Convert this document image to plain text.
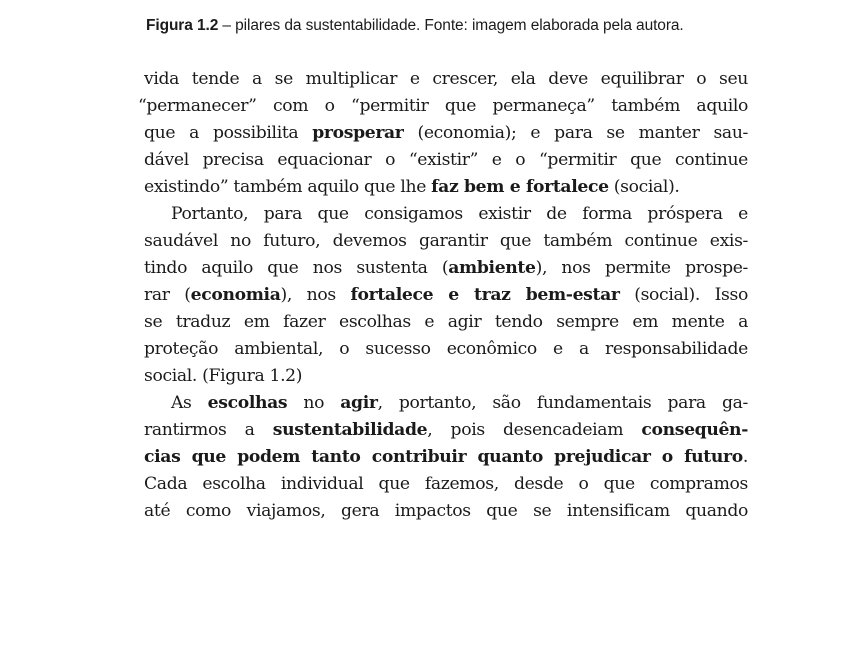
Figura 1.2 – pilares da sustentabilidade. Fonte: imagem elaborada pela autora.
vida tende a se multiplicar e crescer, ela deve equilibrar o seu
“permanecer” com o “permitir que permaneça” também aquilo
que a possibilita prosperar (economia); e para se manter sau-
dável precisa equacionar o “existir” e o “permitir que continue
existindo” também aquilo que lhe faz bem e fortalece (social).
Portanto, para que consigamos existir de forma próspera e
saudável no futuro, devemos garantir que também continue exis-
tindo aquilo que nos sustenta (ambiente), nos permite prospe-
rar (economia), nos fortalece e traz bem-estar (social). Isso
se traduz em fazer escolhas e agir tendo sempre em mente a
proteção ambiental, o sucesso econômico e a responsabilidade
social. (Figura 1.2)
As escolhas no agir, portanto, são fundamentais para ga-
rantirmos a sustentabilidade, pois desencadeiam consequên-
cias que podem tanto contribuir quanto prejudicar o futuro.
Cada escolha individual que fazemos, desde o que compramos
até como viajamos, gera impactos que se intensificam quando
